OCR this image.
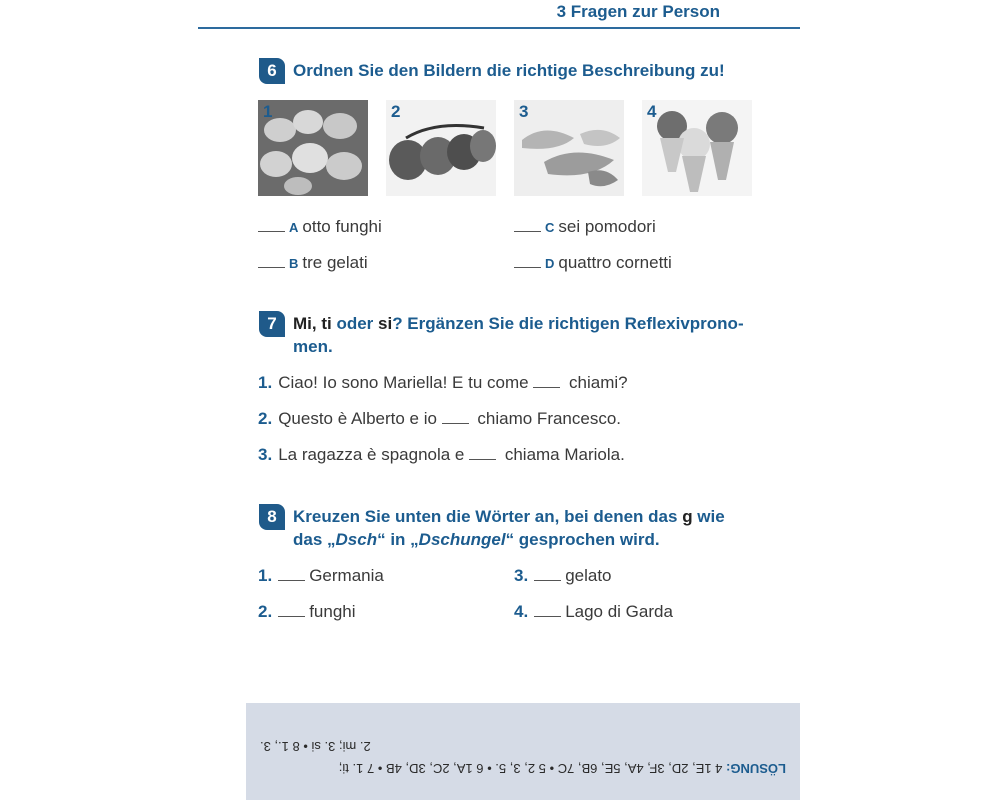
3 Fragen zur Person
6 Ordnen Sie den Bildern die richtige Beschreibung zu!
1	2	3	4
A otto funghi
B tre gelati
C sei pomodori
D quattro cornetti
7 Mi, ti oder si? Ergänzen Sie die richtigen Reflexivprono-
men.
1. Ciao! Io sono Mariella! E tu come  chiami?
2. Questo è Alberto e io  chiamo Francesco.
3. La ragazza è spagnola e  chiama Mariola.
8 Kreuzen Sie unten die Wörter an, bei denen das g wie
das „Dsch“ in „Dschungel“ gesprochen wird.
1. Germania
2. funghi
3. gelato
4. Lago di Garda
2. mi; 3. si • 8 1., 3.
LÖSUNG: 4 1E, 2D, 3F, 4A, 5E, 6B, 7C • 5 2, 3, 5. • 6 1A, 2C, 3D, 4B • 7 1. ti;
